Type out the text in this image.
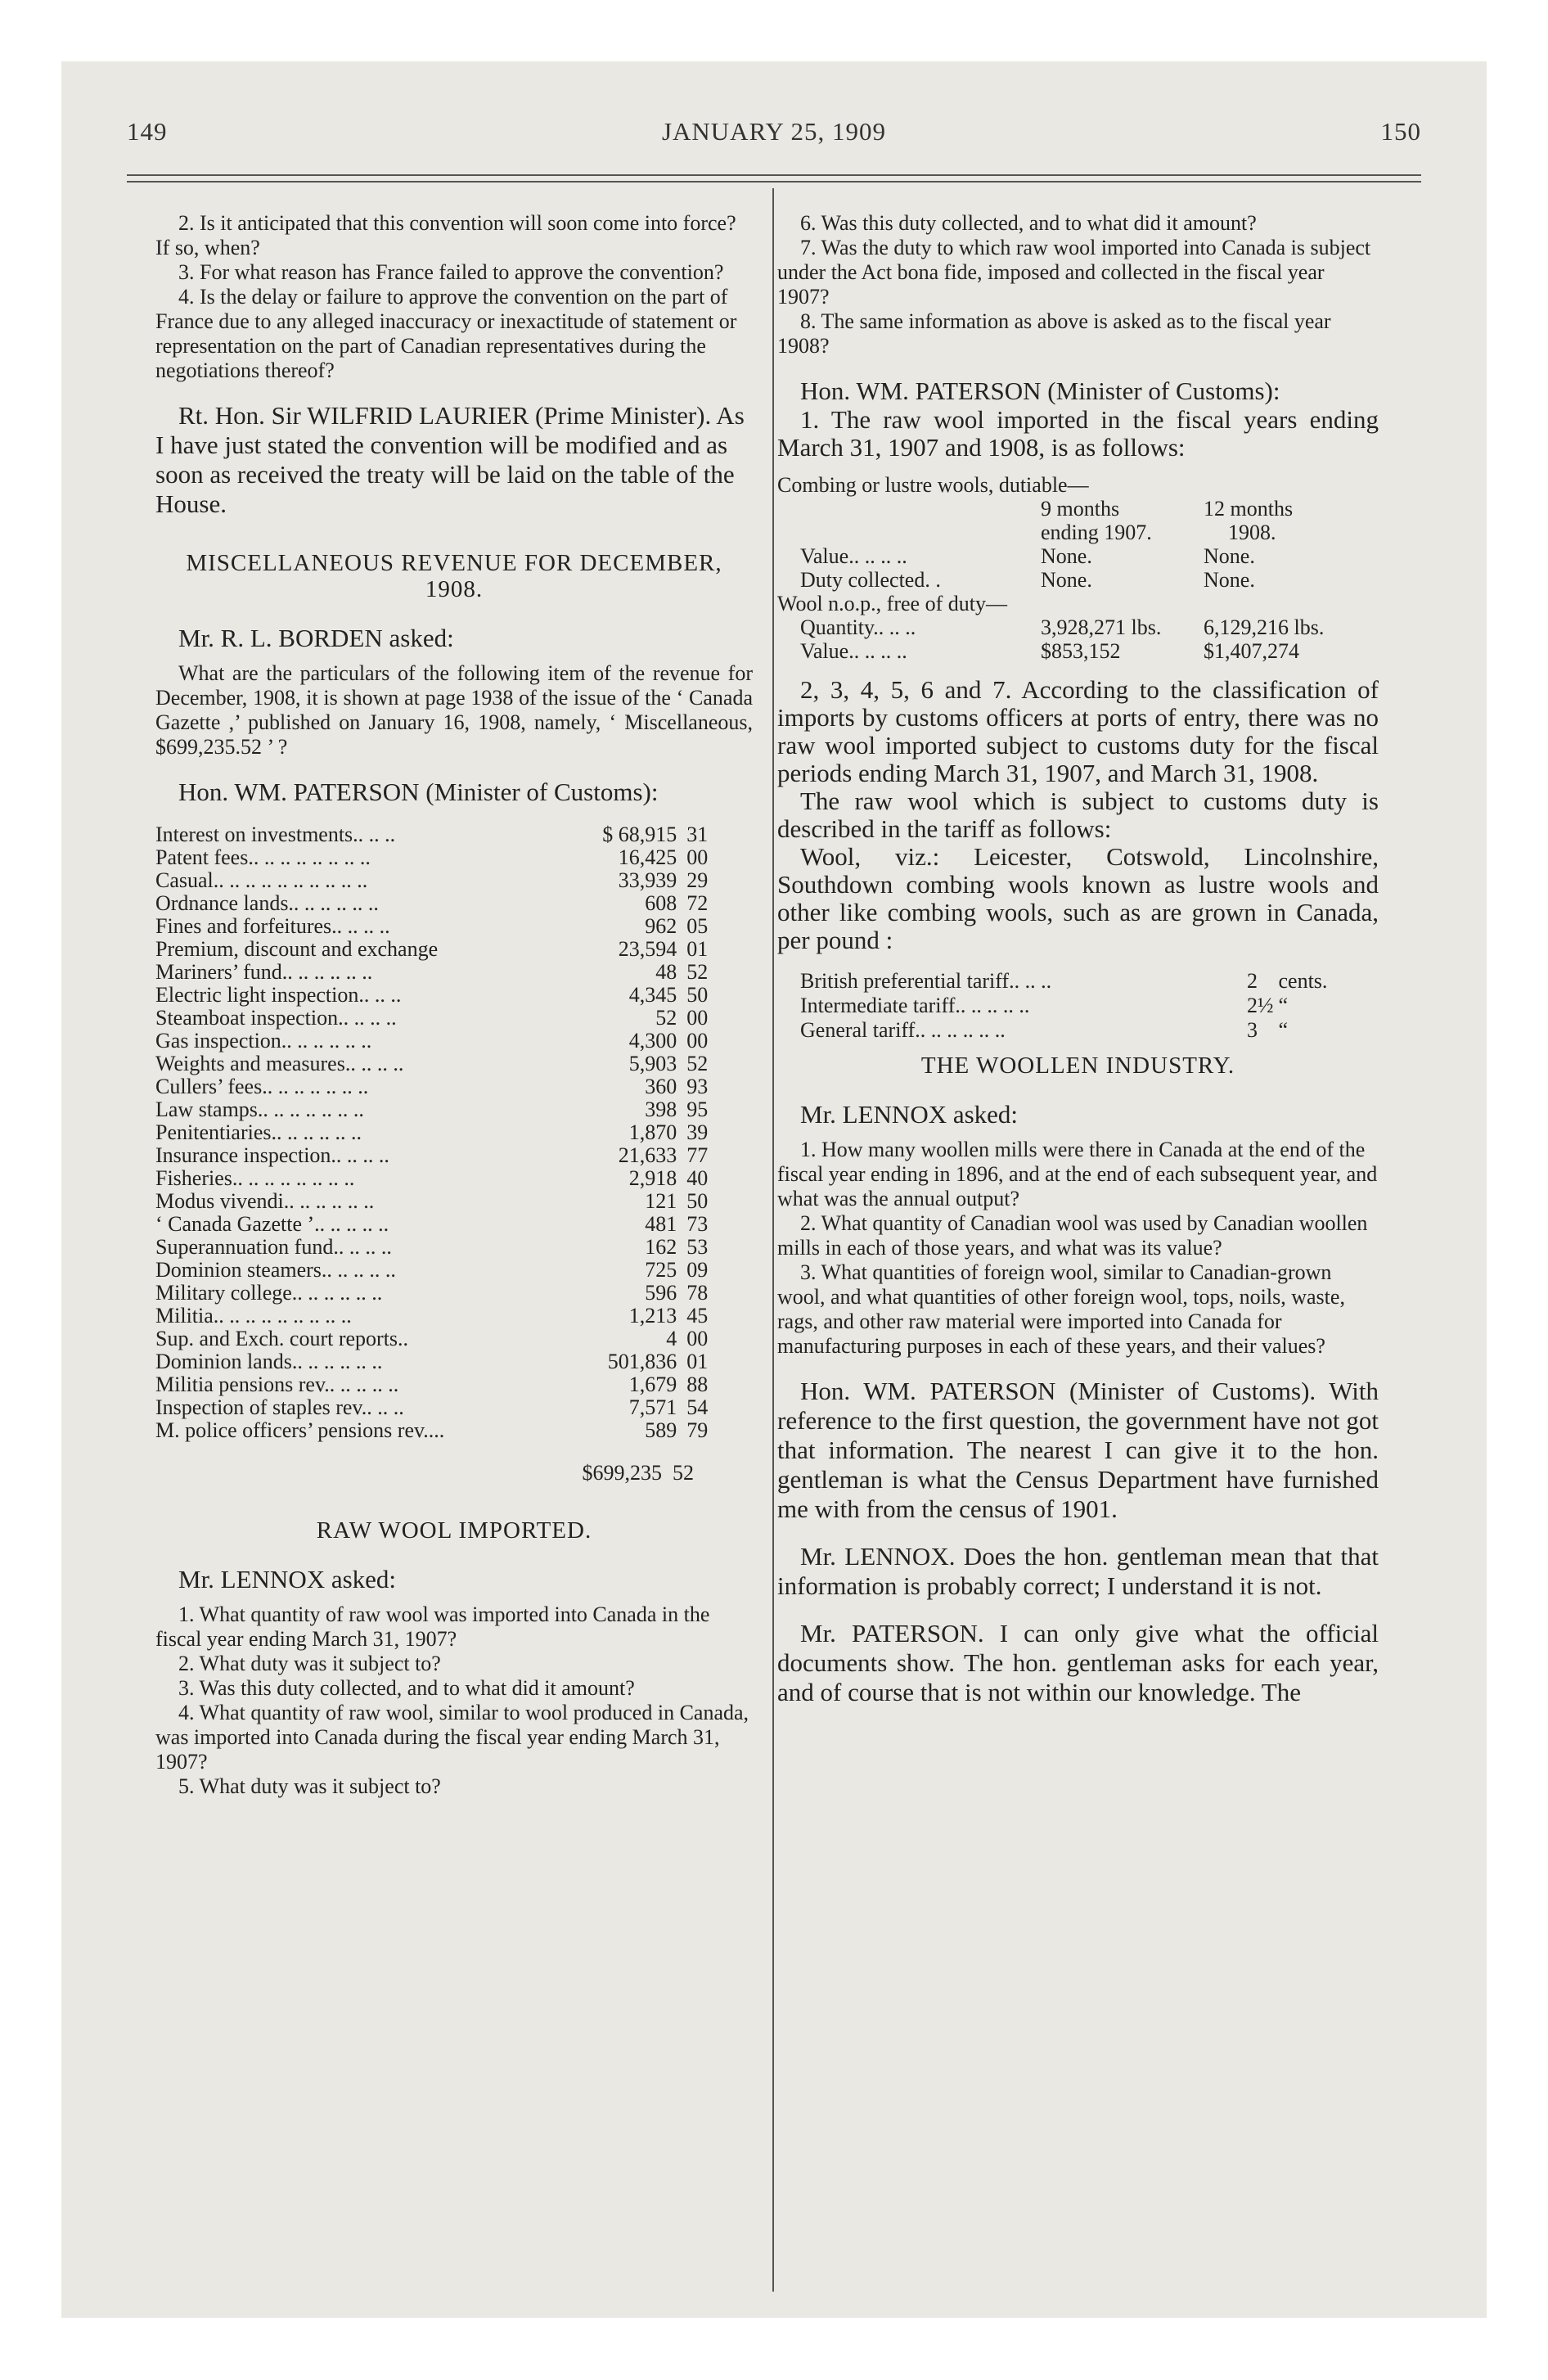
149	JANUARY 25, 1909	150

2. Is it anticipated that this convention will soon come into force? If so, when?

3. For what reason has France failed to approve the convention?

4. Is the delay or failure to approve the convention on the part of France due to any alleged inaccuracy or inexactitude of statement or representation on the part of Canadian representatives during the negotiations thereof?

Rt. Hon. Sir WILFRID LAURIER (Prime Minister). As I have just stated the convention will be modified and as soon as received the treaty will be laid on the table of the House.

MISCELLANEOUS REVENUE FOR DECEMBER, 1908.

Mr. R. L. BORDEN asked:

What are the particulars of the following item of the revenue for December, 1908, it is shown at page 1938 of the issue of the ‘ Canada Gazette ,’ published on January 16, 1908, namely, ‘ Miscellaneous, $699,235.52 ’ ?

Hon. WM. PATERSON (Minister of Customs):

Interest on investments.. .. ..	$ 68,915	31
Patent fees.. .. .. .. .. .. .. ..	16,425	00
Casual.. .. .. .. .. .. .. .. .. ..	33,939	29
Ordnance lands.. .. .. .. .. ..	608	72
Fines and forfeitures.. .. .. ..	962	05
Premium, discount and exchange	23,594	01
Mariners’ fund.. .. .. .. .. ..	48	52
Electric light inspection.. .. ..	4,345	50
Steamboat inspection.. .. .. ..	52	00
Gas inspection.. .. .. .. .. ..	4,300	00
Weights and measures.. .. .. ..	5,903	52
Cullers’ fees.. .. .. .. .. .. ..	360	93
Law stamps.. .. .. .. .. .. ..	398	95
Penitentiaries.. .. .. .. .. ..	1,870	39
Insurance inspection.. .. .. ..	21,633	77
Fisheries.. .. .. .. .. .. .. ..	2,918	40
Modus vivendi.. .. .. .. .. ..	121	50
‘ Canada Gazette ’.. .. .. .. ..	481	73
Superannuation fund.. .. .. ..	162	53
Dominion steamers.. .. .. .. ..	725	09
Military college.. .. .. .. .. ..	596	78
Militia.. .. .. .. .. .. .. .. ..	1,213	45
Sup. and Exch. court reports..	4	00
Dominion lands.. .. .. .. .. ..	501,836	01
Militia pensions rev.. .. .. .. ..	1,679	88
Inspection of staples rev.. .. ..	7,571	54
M. police officers’ pensions rev....	589	79
$699,235	52
RAW WOOL IMPORTED.

Mr. LENNOX asked:

1. What quantity of raw wool was imported into Canada in the fiscal year ending March 31, 1907?

2. What duty was it subject to?

3. Was this duty collected, and to what did it amount?

4. What quantity of raw wool, similar to wool produced in Canada, was imported into Canada during the fiscal year ending March 31, 1907?

5. What duty was it subject to?

6. Was this duty collected, and to what did it amount?

7. Was the duty to which raw wool imported into Canada is subject under the Act bona fide, imposed and collected in the fiscal year 1907?

8. The same information as above is asked as to the fiscal year 1908?

Hon. WM. PATERSON (Minister of Customs):

1. The raw wool imported in the fiscal years ending March 31, 1907 and 1908, is as follows:

Combing or lustre wools, dutiable—		
	9 months	12 months
	ending 1907.	1908.
Value.. .. .. ..	None.	None.
Duty collected. .	None.	None.
Wool n.o.p., free of duty—		
Quantity.. .. ..	3,928,271 lbs.	6,129,216 lbs.
Value.. .. .. ..	$853,152	$1,407,274

2, 3, 4, 5, 6 and 7. According to the classification of imports by customs officers at ports of entry, there was no raw wool imported subject to customs duty for the fiscal periods ending March 31, 1907, and March 31, 1908.

The raw wool which is subject to customs duty is described in the tariff as follows:

Wool, viz.: Leicester, Cotswold, Lincolnshire, Southdown combing wools known as lustre wools and other like combing wools, such as are grown in Canada, per pound :

British preferential tariff.. .. ..	2	cents.
Intermediate tariff.. .. .. .. ..	2½	“
General tariff.. .. .. .. .. ..	3	“
THE WOOLLEN INDUSTRY.

Mr. LENNOX asked:

1. How many woollen mills were there in Canada at the end of the fiscal year ending in 1896, and at the end of each subsequent year, and what was the annual output?

2. What quantity of Canadian wool was used by Canadian woollen mills in each of those years, and what was its value?

3. What quantities of foreign wool, similar to Canadian-grown wool, and what quantities of other foreign wool, tops, noils, waste, rags, and other raw material were imported into Canada for manufacturing purposes in each of these years, and their values?

Hon. WM. PATERSON (Minister of Customs). With reference to the first question, the government have not got that information. The nearest I can give it to the hon. gentleman is what the Census Department have furnished me with from the census of 1901.

Mr. LENNOX. Does the hon. gentleman mean that that information is probably correct; I understand it is not.

Mr. PATERSON. I can only give what the official documents show. The hon. gentleman asks for each year, and of course that is not within our knowledge. The
